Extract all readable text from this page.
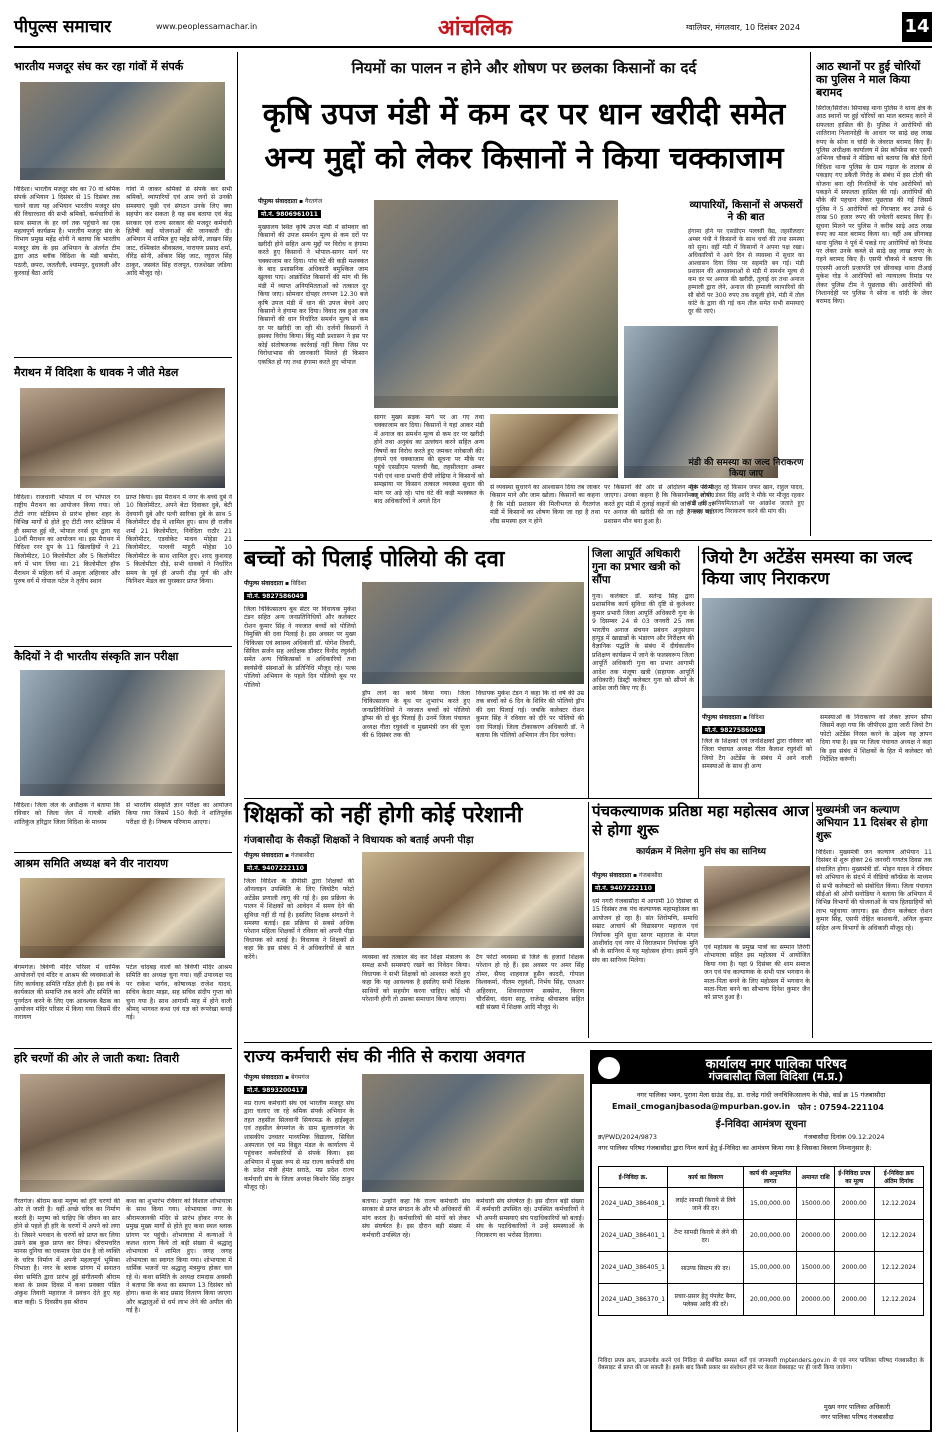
पीपुल्स समाचार	www.peoplessamachar.in	आंचलिक	ग्वालियर, मंगलवार, 10 दिसंबर 2024	14
भारतीय मजदूर संघ कर रहा गांवों में संपर्क
विदिशा। भारतीय मजदूर संघ का 70 वां श्रमिक संपर्क अभियान 1 दिसंबर से 15 दिसंबर तक चलने वाला यह अभियान भारतीय मजदूर संघ की विचारधारा की सभी श्रमिकों, कर्मचारियों के साथ समाज के हर वर्ग तक पहुंचाने का एक महत्वपूर्ण कार्यक्रम है। भारतीय मजदूर संघ के विभाग प्रमुख महेंद्र शोनी ने बताया कि भारतीय मजदूर संघ के इस अभियान के अंतर्गत टीम द्वारा आठ ब्लॉक विदिशा के मंडी बामोरा, पठारी, छपरा, जततौली, श्यामपुर, दुधावली और कुरवाई बैठा आदि
गांवों में जाकर श्रमिकों से संपर्क कर सभी श्रमिकों, व्यापारियों एवं आम जनों से उनकी समस्याएं पूछी एवं संगठन उनके लिए क्या सहयोग कर सकता है यह सब बताया एवं केंद्र सरकार एवं राज्य सरकार की मजदूर कर्मचारी हितैषी कई योजनाओं की जानकारी दी। अभियान में शामिल हुए महेंद्र सोनी, लाखन सिंह जाट, रश्मिकांत श्रीवास्तव, नारायण प्रसाद शर्मा, वीरेंद्र सोनी, ओंकार सिंह जाट, रघुराज सिंह ठाकुर, जसवंत सिंह राजपूत, राजशेखर जडिया आदि मौजूद रहे।
मैराथन में विदिशा के धावक ने जीते मेडल
विदिशा। राजधानी भोपाल में रन भोपाल रन राष्ट्रीय मैराथन का आयोजन किया गया। जो टीटी नगर स्टेडियम से प्रारंभ होकर शहर के विभिन्न मार्गों से होते हुए टीटी नगर स्टेडियम में ही समाप्त हुई थी, भोपाल रनर्स ग्रुप द्वारा यह 10वीं मैराथन का आयोजन था। इस मैराथन में विदिशा रनर ग्रुप के 11 खिलाड़ियों ने 21 किलोमीटर, 10 किलोमीटर और 5 किलोमीटर वर्ग में भाग लिया था। 21 किलोमीटर हॉफ मैराथन में महिला वर्ग में अमृता अहिरवार और पुरुष वर्ग में गोपाल पटेल ने तृतीय स्थान
प्राप्त किया। इस मैराथन में नगर के बच्चे दुबे ने 10 किलोमीटर, अपने बेटा दिवाकर दुबे, बेटी देवयानी दुबे और पत्नी सारिका दुबे के साथ 5 किलोमीटर दौड़ में शामिल हुए। साथ ही राजीव शर्मा 21 किलोमीटर, निवेदिता राठौर 21 किलोमीटर, एडवोकेट माधव मोहेडा 21 किलोमीटर, पल्लवी माहुरी मोहेडा 10 किलोमीटर के साथ शामिल हुए। शरद कुशवाह 5 किलोमीटर दौड़े, सभी धावकों ने निर्धारित समय के पूर्व ही अपनी दौड़ पूर्ण की और फिनिशर मेडल का पुरस्कार प्राप्त किया।
कैदियों ने दी भारतीय संस्कृति ज्ञान परीक्षा
विदिशा। जिला जेल के अधीक्षक ने बताया कि रविवार को जिला जेल में गायत्री शक्ति शांतिकुंज हरिद्वार जिला विदिशा के माध्यम
से भारतीय संस्कृति ज्ञान परीक्षा का आयोजन किया गया जिसमें 150 कैदी ने शांतिपूर्वक परीक्षा दी है। निष्कष परिणाम आएगा।
आश्रम समिति अध्यक्ष बने वीर नारायण
बेगमगंज। त्रिवेणी मंदिर परिसर में धार्मिक आयोजनों एवं मंदिर व आश्रम की व्यवस्थाओं के लिए कार्यवाह समिति गठित होती है। इस वर्ष के कार्यकाल की समाप्ति तब करने और समिति का पुनर्गठन करने के लिए एक आवश्यक बैठक का आयोजन मंदिर परिसर में किया गया जिसमें वीर नारायण
पटेल चांदबड़ वालों को त्रिवेणी मंदिर आश्रम समिति का अध्यक्ष चुना गया। वहीं उपाध्यक्ष पद पर राकेश भार्गव, कोषाध्यक्ष राजेश यादव, सचिव केदार माझा, सह सचिव संदीप गुप्ता को चुना गया है। साथ आगामी माह में होने वाली श्रीमद् भागवत कथा एवं यज्ञ को रूपरेखा बनाई गई।
हरि चरणों की ओर ले जाती कथा: तिवारी
गैरतगंज। श्रीराम कथा मनुष्य को हरि चरणों की ओर ले जाती है। वहीं अच्छे चरित्र का निर्माण करती है। मनुष्य को चाहिए कि जीवन का सार होने से पहले ही हरि के चरणों में अपने को लगा दे। जिसने भगवान के चरणों को प्राप्त कर लिया उसने सब कुछ प्राप्त कर लिया। श्रीरामचरित मानस दुनिया का एकमात्र ऐसा ग्रंथ है जो व्यक्ति के चरित्र निर्माण में अपनी महत्वपूर्ण भूमिका निभाता है। नगर के ब्लाक प्रांगण में सनातन सेवा समिति द्वारा प्रारंभ हुई संगीतमयी श्रीराम कथा के प्रथम दिवस में कथा प्रवक्ता पंडित अंकुश तिवारी महाराज ने प्रवचन देते हुए यह बात कही। 5 दिवसीय इस श्रीराम
कथा का शुभारंभ रविवार को विशाल शोभायात्रा के साथ किया गया। शोभायात्रा नगर के श्रीरामजानकी मंदिर से प्रारंभ होकर नगर के प्रमुख मुख्य मार्गों से होते हुए कथा स्थल ब्लाक प्रांगण पर पहुंची। शोभायात्रा में कन्याओं ने कलश धारण किये तो बड़ी संख्या में श्रद्धालु शोभायात्रा में शामिल हुए। जगह जगह शोभायात्रा का स्वागत किया गया। शोभायात्रा में धार्मिक भजनों पर श्रद्धालु मंत्रमुग्ध होकर चल रहे थे। कथा समिति के अध्यक्ष रामदास अवस्थी ने बताया कि कथा का समापन 13 दिसंबर को होगा। कथा के बाद प्रसाद वितरण किया जाएगा और श्रद्धालुओं से धर्म लाभ लेने की अपील की गई है।
नियमों का पालन न होने और शोषण पर छलका किसानों का दर्द
कृषि उपज मंडी में कम दर पर धान खरीदी समेत
अन्य मुद्दों को लेकर किसानों ने किया चक्काजाम
पीपुल्स संवाददाता ▪ गैरतगंज
मो.नं. 9806961011
मुख्यालय स्थित कृषि उपज मंडी में सोमवार को किसानों की उपज समर्थन मूल्य से कम दरों पर खरीदी होने सहित अन्य मुद्दों पर विरोध व हंगामा करते हुए किसानों ने भोपाल-सागर मार्ग पर चक्काजाम कर दिया। पांच घंटे की कड़ी मशक्कत के बाद प्रशासनिक अधिकारी बमुश्किल जाम खुलवा पाए। आक्रोशित किसानों की मांग थी कि मंडी में व्याप्त अनियमितताओं को तत्काल दूर किया जाए। सोमवार दोपहर लगभग 12.30 बजे कृषि उपज मंडी में धान की उपज बेचने आए किसानों ने हंगामा कर दिया। विवाद तब हुआ जब किसानों की धान निर्धारित समर्थन मूल्य से कम दर पर खरीदी जा रही थी। दर्जनों किसानों ने इसका विरोध किया। बिंदु मंडी प्रशासन ने इस पर कोई संतोषजनक कार्रवाई नहीं किया जिस पर विरोधाभास की जानकारी मिलते ही किसान एकत्रित हो गए तथा हंगामा करते हुए भोपाल
सागर मुख्य सड़क मार्ग पर आ गए तथा चक्काजाम कर दिया। किसानों ने यहां आकर मंडी में अनाज का समर्थन मूल्य से कम दर पर खरीदी होने तथा अनुबंध का उल्लंघन करने सहित अन्य विषयों का विरोध करते हुए जमकर नारेबाजी की। हंगामे एवं चक्काजाम की सूचना पर मौके पर पहुंचे एसडीएम पल्लवी वैद्य, तहसीलदार अम्बर पंथी एवं थाना प्रभारी दीपी लोढ़िया ने किसानों को समझाया पर किसान तत्काल व्यवस्था सुधार की मांग पर अड़े रहे। पांच घंटे की कड़ी मशक्कत के बाद अधिकारियों ने अगले दिन
से व्यवस्था सुधारने का आश्वासन दिया तब जाकर किसान माने और जाम खोला। किसानों का कहना है कि मंडी प्रशासन की मिलीभगत से गैरतगंज मंडी में किसानों का शोषण किया जा रहा है तथा शीघ्र समस्या हल न होने
पर किसानों की ओर से आंदोलन शुरू किया जाएगा। उनका कहना है कि किसानों का शोषण करते हुए मंडी में तुलाई वाहनों की जांच में कम दर पर अनाज की खरीदी की जा रही है तथा मंडी प्रशासन मौन बना हुआ है।
व्यापारियों, किसानों से अफसरों ने की बात
हंगामा होने पर एसडीएम पल्लवी वैद्य, तहसीलदार अम्बर पंथी ने किसानों के साथ चर्चा की तथा समस्या को सुना। वहीं मंडी में किसानों ने अपना पक्ष रखा। अधिकारियों ने आगे दिन से व्यवस्था में सुधार का आश्वासन दिया जिस पर सहमति बन गई। मंडी प्रशासन की अव्यवस्थाओं से मंडी में समर्थन मूल्य से कम दर पर अनाज की खरीदी, तुलाई दर तथा अनाज हम्माली द्वारा लेने, अनाज की हम्माली व्यापारियों की सौ बोरों पर 300 रुपए तक वसूली होने, मंडी में तोल कांटे के द्वारा की गई कम तौल समेत सभी समस्याएं दूर की जाएं।
मंडी की समस्या का जल्द निराकरण किया जाए
मौके पर मौजूद रहे किसान जफर खान, राहुल यादव, मल्लू लोधी, डंकर सिंह आदि ने मौके पर मौजूद रहकर मंडी की अनियमितताओं पर आक्रोश जताते हुए समस्या का जल्द निराकरण करने की मांग की।
आठ स्थानों पर हुई चोरियों का पुलिस ने माल किया बरामद
सिरोंज/सिरोंज। सिपाबड़ थाना पुलिस ने थाना क्षेत्र के आठ स्थानों पर हुई चोरियों का माल बरामद करने में सफलता हासिल की है। पुलिस ने आरोपियों की शातिराना निशानदेही के आधार पर साढ़े छह लाख रुपए के सोना व चांदी के जेवरात बरामद किए हैं। पुलिस अधीक्षक कार्यालय में प्रेस कॉन्फ्रेंस कर एसपी अभिनव चौकसे ने मीडिया को बताया कि बीते दिनों विदिशा थाना पुलिस के ग्राम गढ़ाल के तालाब से पकड़ाए गए डकैती गिरोह के संबंध में इस टोली की योजना बना रही गिनतियों के पांच आरोपियों को पकड़ने में सफलता हासिल की गई। आरोपियों की मौके की पहचान लेकर पूछताछ की गई जिसमें पुलिस ने 5 आरोपियों को गिरफ्तार कर उनसे 6 लाख 50 हजार रुपए की ज्वेलरी बरामद किए हैं। सूचना मिलने पर पुलिस ने करीब साढ़े आठ लाख रुपए का माल बरामद किया था। वहीं अब छीनाबड़ थाना पुलिस ने पूर्व में पकड़े गए आरोपियों को रिमांड पर लेकर उनके कब्जे से साढ़े छह लाख रुपए के गहने बरामद किए हैं। एसपी चौकसे ने बताया कि एएसपी आरती प्रजापति एवं छीनाबड़ थाना टीआई मुकेश गोड़ ने आरोपियों को न्यायालय रिमांड पर लेकर पुलिस टीम ने पूछताछ की। आरोपियों की निशानदेही पर पुलिस ने सोना व चांदी के जेवर बरामद किए।
बच्चों को पिलाई पोलियो की दवा
पीपुल्स संवाददाता ▪ विदिशा
मो.नं. 9827586049
जिला चिकित्सालय बूथ सेंटर पर विधायक मुकेश टंडन सहित अन्य जनप्रतिनिधियों और कलेक्टर रोशन कुमार सिंह ने नवजात बच्चों को पोलियो विमुक्ति की दवा पिलाई है। इस अवसर पर मुख्य चिकित्सा एवं स्वास्थ्य अधिकारी डॉ. योगेश तिवारी, सिविल सर्जन सह अधीक्षक डॉक्टर विनोद रघुवंशी समेत अन्य चिकित्सकों व अधिकारियों तथा स्वयंसेवी संस्थाओं के प्रतिनिधि मौजूद रहे। पल्स पोलियो अभियान के पहले दिन पोलियो बूथ पर पोलियो
ड्रॉप लाने का कार्य किया गया। जिला चिकित्सालय के बूथ पर शुभारंभ करते हुए जनप्रतिनिधियों ने नवजात बच्चों को पोलियो ड्रॉप्स की दो बूंद पिलाई हैं। उनमें जिला पंचायत अध्यक्ष गीता रघुवंशी व मुख्यमंत्री जन की पूजा की 6 दिसंबर तक की
विधायक मुकेश टंडन ने कहा कि दो वर्ष की उम्र तक बच्चों को 6 दिन के शिविर की पोलियो ड्रॉप की दवा पिलाई गई। जबकि कलेक्टर रोशन कुमार सिंह ने रविवार को दौरे पर पोलियो की दवा पिलाई। जिला टीकाकरण अधिकारी डॉ. ने बताया कि पोलियो अभियान तीन दिन चलेगा।
जिला आपूर्ति अधिकारी गुना का प्रभार खत्री को सौंपा
गुना। कलेक्टर डॉ. सतेन्द्र सिंह द्वारा प्रशासनिक कार्य सुविधा की दृष्टि से कुलेश्वर कुमार प्रभारी जिला आपूर्ति अधिकारी गुना के 9 दिसम्बर 24 से 03 जनवरी 25 तक भारतीय अनाज संचयन प्रबंधन अनुसंधान हापुड़ में खाद्यान्नों के भंडारण और निरीक्षण की वैज्ञानिक पद्धति के संबंध में दीर्घकालीन प्रशिक्षण कार्यक्रम में जाने के फलस्वरूप जिला आपूर्ति अधिकारी गुना का प्रभार आगामी आदेश तक मंजूषा खत्री (सहायक आपूर्ति अधिकारी) डिस्ट्री कलेक्टर गुना को सौंपने के आदेश जारी किए गए हैं।
जियो टैग अटेंडेंस समस्या का जल्द किया जाए निराकरण
पीपुल्स संवाददाता ▪ विदिशा
मो.नं. 9827586049
जिले के शिक्षकों एवं जनशिक्षकों द्वारा रविवार को जिला पंचायत अध्यक्ष गीता कैलाश रघुवंशी को जियो टैग अटेंडेंस के संबंध में आने वाली समस्याओं के साथ ही अन्य
समस्याओं के निराकरण को लेकर ज्ञापन सौंपा जिसमें कहा गया कि जीपीएस द्वारा जारी जियो टैग फोटो अटेंडेंस निरस्त करने के उद्देश्य यह ज्ञापन दिया गया है। इस पर जिला पंचायत अध्यक्ष ने कहा कि इस संबंध में शिक्षकों के हित में कलेक्टर को निर्देशित करूंगी।
शिक्षकों को नहीं होगी कोई परेशानी
गंजबासौदा के सैकड़ों शिक्षकों ने विधायक को बताई अपनी पीड़ा
पीपुल्स संवाददाता ▪ गंजबासौदा
मो.नं. 9407222110
जिला विदिशा के डीपीसी द्वारा शिक्षकों की ऑनलाइन उपस्थिति के लिए जियोटैग फोटो अटेंडेंस प्रणाली लागू की गई है। इस प्रक्रिया के पालन में शिक्षकों को आवेदन में समय देने की सुविधा नहीं दी गई है। इसलिए शिक्षक संगठनों ने समस्या बताई। इस प्रक्रिया से सबसे अधिक परेशान महिला शिक्षकों ने रविवार को अपनी पीड़ा विधायक को बताई है। विधायक ने शिक्षकों से कहा कि इस संबंध में वे अधिकारियों से बात करेंगे।	व्यवस्था को तत्काल बंद कर शिक्षा मंत्रालय के समक्ष सभी समस्याएं रखने का निवेदन किया। विधायक ने सभी शिक्षकों को आश्वस्त करते हुए कहा कि यह आवश्यक है इसलिए सभी शिक्षक साथियों को सहयोग करना चाहिए। कोई भी परेशानी होगी तो उसका समाधान किया जाएगा।
टैग फोटो व्यवस्था से जिले के हजारों शिक्षक परेशान हो रहे हैं। इस अवसर पर अमर सिंह तोमर, सैयद शाहवाज हुसैन कादरी, गोपाल विश्वकर्मा, नीलम रघुवंशी, निर्भय सिंह, एलआर अहिरवार, शिवनारायण सक्सेना, किरण चौरसिया, वंदना साहू, राजेन्द्र श्रीवास्तव सहित बड़ी संख्या में शिक्षक आदि मौजूद थे।
पंचकल्याणक प्रतिष्ठा महा महोत्सव आज से होगा शुरू
कार्यक्रम में मिलेगा मुनि संघ का सानिध्य
पीपुल्स संवाददाता ▪ गंजबासौदा
मो.नं. 9407222110
धर्म नगरी गंजबासौदा में आगामी 10 दिसंबर से 15 दिसंबर तक पंच कल्याणक महामहोत्सव का आयोजन हो रहा है। संत शिरोमणि, समाधि सम्राट आचार्य श्री विद्यासागर महाराज एवं निर्यापक मुनि सुधा सागर महाराज के मंगल आशीर्वाद एवं नगर में विराजमान निर्यापक मुनि श्री के सानिध्य में यह महोत्सव होगा। इसमें मुनि संघ का सानिध्य मिलेगा।
एवं महोत्सव के प्रमुख पात्रों का सम्मान तिरंगी शोभायात्रा सहित इस महोत्सव में आयोजित किया गया है। यहां 9 दिसंबर की शाम समाज जन एवं पंच कल्याणक के सभी पात्र भगवान के माता-पिता बनने के लिए महोत्सव में भगवान के माता-पिता बनने का सौभाग्य दिनेश कुमार जैन को प्राप्त हुआ है।
मुख्यमंत्री जन कल्याण अभियान 11 दिसंबर से होगा शुरू
विदिशा। मुख्यमंत्री जन कल्याण अभियान 11 दिसंबर से शुरू होकर 26 जनवरी गणतंत्र दिवस तक संचालित होगा। मुख्यमंत्री डॉ. मोहन यादव ने रविवार को अभियान के संदर्भ में वीडियो कॉन्फ्रेंस के माध्यम से सभी कलेक्टरों को संबोधित किया। जिला पंचायत सीईओ श्री ओपी सनोडिया ने बताया कि अभियान में विभिन्न विभागों की योजनाओं के पात्र हितग्राहियों को लाभ पहुंचाया जाएगा। इस दौरान कलेक्टर रोशन कुमार सिंह, एसपी रोहित काशवानी, अनिल कुमार सहित अन्य विभागों के अधिकारी मौजूद रहे।
राज्य कर्मचारी संघ की नीति से कराया अवगत
पीपुल्स संवाददाता ▪ बेगमगंज
मो.नं. 9893200417
मप्र राज्य कर्मचारी संघ एवं भारतीय मजदूर संघ द्वारा चलाए जा रहे श्रमिक संपर्क अभियान के तहत तहसील सिलवानी सियरमऊ के हाईस्कूल एवं तहसील बेगमगंज के ग्राम सुल्तानगंज के शासकीय उच्चतर माध्यमिक विद्यालय, सिविल अस्पताल एवं मप्र विद्युत मंडल के कार्यालय में पहुंचकर कर्मचारियों से संपर्क किया। इस अभियान में मुख्य रूप से मप्र राज्य कर्मचारी संघ के प्रदेश मंत्री हेमंत सराठे, मप्र प्रदेश राज्य कर्मचारी संघ के जिला अध्यक्ष किशोर सिंह ठाकुर मौजूद रहे।
बताया। उन्होंने कहा कि राज्य कर्मचारी संघ सरकार से प्राप्त संगठन के और भी अधिकारों की मांग करता है। कर्मचारियों की मांगों को लेकर संघ संघर्षरत है। इस दौरान बड़ी संख्या में कर्मचारी उपस्थित रहे।
कर्मचारी संघ संघर्षरत है। इस दौरान बड़ी संख्या में कर्मचारी उपस्थित रहे। उपस्थित कर्मचारियों ने भी अपनी समस्याएं संघ पदाधिकारियों को बताईं। संघ के पदाधिकारियों ने उन्हें समस्याओं के निराकरण का भरोसा दिलाया।
कार्यालय नगर पालिका परिषद
गंजबासौदा जिला विदिशा (म.प्र.)
नगर पालिका भवन, पुराना मेला ग्राउंड रोड़, डा. राजेंद्र गांधी जनचिकित्सालय के पीछे, वार्ड क्र 15 गंजबासौदा
Email_cmoganjbasoda@mpurban.gov.in फोन : 07594-221104
ई-निविदा आमंत्रण सूचना
क्र/PWD/2024/9873	गंजबासौदा दिनांक 09.12.2024
नगर पालिका परिषद गंजबासौदा द्वारा निम्न कार्य हेतु ई-निविदा का आमंत्रण किया गया है जिसका विवरण निम्नानुसार है:
ई-निविदा क्र.	कार्य का विवरण	कार्य की अनुमानित लागत	अमानत राशि	ई-निविदा प्रपत्र का मूल्य	ई-निविदा क्रय अंतिम दिनांक
2024_UAD_386408_1	लाईट सामग्री किराये से लिये जाने की दर।	15,00,000.00	15000.00	2000.00	12.12.2024
2024_UAD_386401_1	टेन्ट सामग्री किराये से लेने की दर।	20,00,000.00	20000.00	2000.00	12.12.2024
2024_UAD_386405_1	साउण्ड सिस्टम की दर।	15,00,000.00	15000.00	2000.00	12.12.2024
2024_UAD_386370_1	प्रचार-प्रसार हेतु पंपलेट बैनर, फ्लेक्स आदि की दरें।	20,00,000.00	20000.00	2000.00	12.12.2024
निविदा प्रपत्र क्रय, डाउनलोड करने एवं निविदा से संबंधित समस्त शर्तें एवं जानकारी mptenders.gov.in से एवं नगर पालिका परिषद गंजबासौदा के वेबसाइट से प्राप्त की जा सकती है। इसके बाद किसी प्रकार का संशोधन होने पर केवल वेबसाइट पर ही जारी किया जावेगा।
मुख्य नगर पालिका अधिकारी
नगर पालिका परिषद गंजबासौदा
